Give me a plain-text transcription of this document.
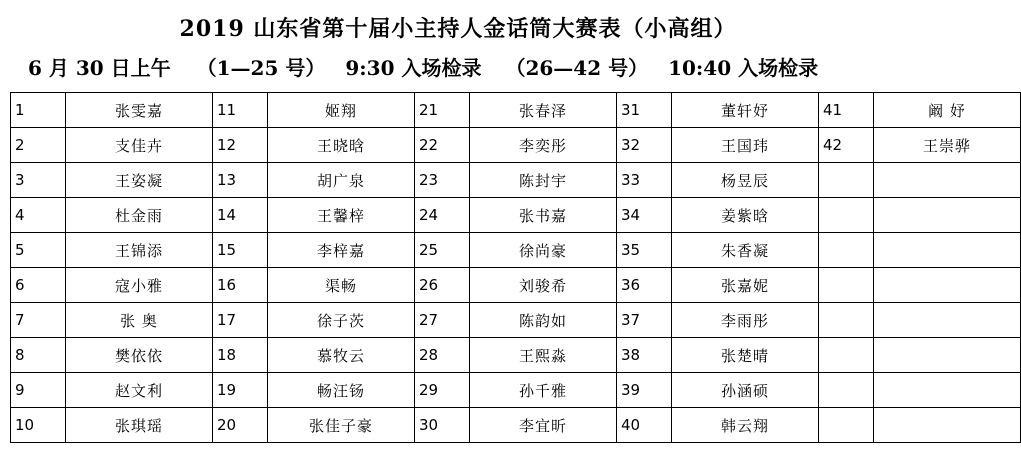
2019 山东省第十届小主持人金话筒大赛表（小高组）
6 月 30 日上午 （1—25 号） 9:30 入场检录 （26—42 号） 10:40 入场检录
1	张雯嘉	11	姬翔	21	张春泽	31	董轩妤	41	阚 妤
2	支佳卉	12	王晓晗	22	李奕彤	32	王国玮	42	王崇骅
3	王姿凝	13	胡广泉	23	陈封宇	33	杨昱辰		
4	杜金雨	14	王馨梓	24	张书嘉	34	姜紫晗		
5	王锦添	15	李梓嘉	25	徐尚豪	35	朱香凝		
6	寇小雅	16	渠畅	26	刘骏希	36	张嘉妮		
7	张 奥	17	徐子茨	27	陈韵如	37	李雨彤		
8	樊依依	18	慕牧云	28	王熙淼	38	张楚晴		
9	赵文利	19	畅汪钖	29	孙千雅	39	孙涵硕		
10	张琪瑶	20	张佳子豪	30	李宜昕	40	韩云翔		
